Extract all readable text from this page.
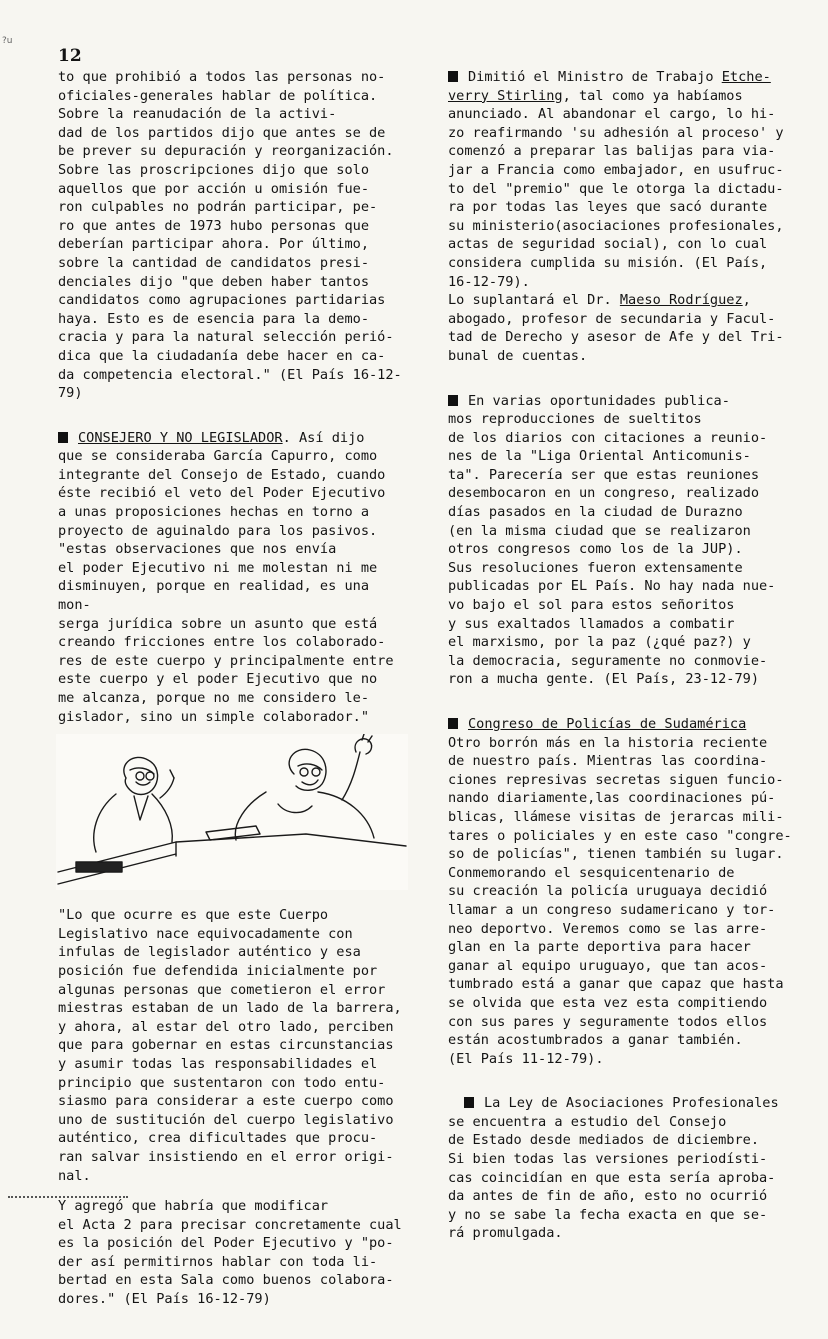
?u
12

to que prohibió a todos las personas no-
oficiales-generales hablar de política.
Sobre la reanudación de la activi-
dad de los partidos dijo que antes se de
be prever su depuración y reorganización.
Sobre las proscripciones dijo que solo
aquellos que por acción u omisión fue-
ron culpables no podrán participar, pe-
ro que antes de 1973 hubo personas que
deberían participar ahora. Por último,
sobre la cantidad de candidatos presi-
denciales dijo "que deben haber tantos
candidatos como agrupaciones partidarias
haya. Esto es de esencia para la demo-
cracia y para la natural selección perió-
dica que la ciudadanía debe hacer en ca-
da competencia electoral." (El País 16-12-79)

CONSEJERO Y NO LEGISLADOR. Así dijo
que se consideraba García Capurro, como
integrante del Consejo de Estado, cuando
éste recibió el veto del Poder Ejecutivo
a unas proposiciones hechas en torno a
proyecto de aguinaldo para los pasivos.
"estas observaciones que nos envía
el poder Ejecutivo ni me molestan ni me
disminuyen, porque en realidad, es una mon-
serga jurídica sobre un asunto que está
creando fricciones entre los colaborado-
res de este cuerpo y principalmente entre
este cuerpo y el poder Ejecutivo que no
me alcanza, porque no me considero le-
gislador, sino un simple colaborador."

"Lo que ocurre es que este Cuerpo
Legislativo nace equivocadamente con
infulas de legislador auténtico y esa
posición fue defendida inicialmente por
algunas personas que cometieron el error
miestras estaban de un lado de la barrera,
y ahora, al estar del otro lado, perciben
que para gobernar en estas circunstancias
y asumir todas las responsabilidades el
principio que sustentaron con todo entu-
siasmo para considerar a este cuerpo como
uno de sustitución del cuerpo legislativo
auténtico, crea dificultades que procu-
ran salvar insistiendo en el error origi-
nal.

Y agregó que habría que modificar
el Acta 2 para precisar concretamente cual
es la posición del Poder Ejecutivo y "po-
der así permitirnos hablar con toda li-
bertad en esta Sala como buenos colabora-
dores." (El País 16-12-79)

Dimitió el Ministro de Trabajo Etche-
verry Stirling, tal como ya habíamos
anunciado. Al abandonar el cargo, lo hi-
zo reafirmando 'su adhesión al proceso' y
comenzó a preparar las balijas para via-
jar a Francia como embajador, en usufruc-
to del "premio" que le otorga la dictadu-
ra por todas las leyes que sacó durante
su ministerio(asociaciones profesionales,
actas de seguridad social), con lo cual
considera cumplida su misión. (El País,
16-12-79).

Lo suplantará el Dr. Maeso Rodríguez,
abogado, profesor de secundaria y Facul-
tad de Derecho y asesor de Afe y del Tri-
bunal de cuentas.

En varias oportunidades publica-
mos reproducciones de sueltitos
de los diarios con citaciones a reunio-
nes de la "Liga Oriental Anticomunis-
ta". Parecería ser que estas reuniones
desembocaron en un congreso, realizado
días pasados en la ciudad de Durazno
(en la misma ciudad que se realizaron
otros congresos como los de la JUP).
Sus resoluciones fueron extensamente
publicadas por EL País. No hay nada nue-
vo bajo el sol para estos señoritos
y sus exaltados llamados a combatir
el marxismo, por la paz (¿qué paz?) y
la democracia, seguramente no conmovie-
ron a mucha gente. (El País, 23-12-79)

Congreso de Policías de Sudamérica
Otro borrón más en la historia reciente
de nuestro país. Mientras las coordina-
ciones represivas secretas siguen funcio-
nando diariamente,las coordinaciones pú-
blicas, llámese visitas de jerarcas mili-
tares o policiales y en este caso "congre-
so de policías", tienen también su lugar.
Conmemorando el sesquicentenario de
su creación la policía uruguaya decidió
llamar a un congreso sudamericano y tor-
neo deportvo. Veremos como se las arre-
glan en la parte deportiva para hacer
ganar al equipo uruguayo, que tan acos-
tumbrado está a ganar que capaz que hasta
se olvida que esta vez esta compitiendo
con sus pares y seguramente todos ellos
están acostumbrados a ganar también.
(El País 11-12-79).

La Ley de Asociaciones Profesionales
se encuentra a estudio del Consejo
de Estado desde mediados de diciembre.
Si bien todas las versiones periodísti-
cas coincidían en que esta sería aproba-
da antes de fin de año, esto no ocurrió
y no se sabe la fecha exacta en que se-
rá promulgada.
